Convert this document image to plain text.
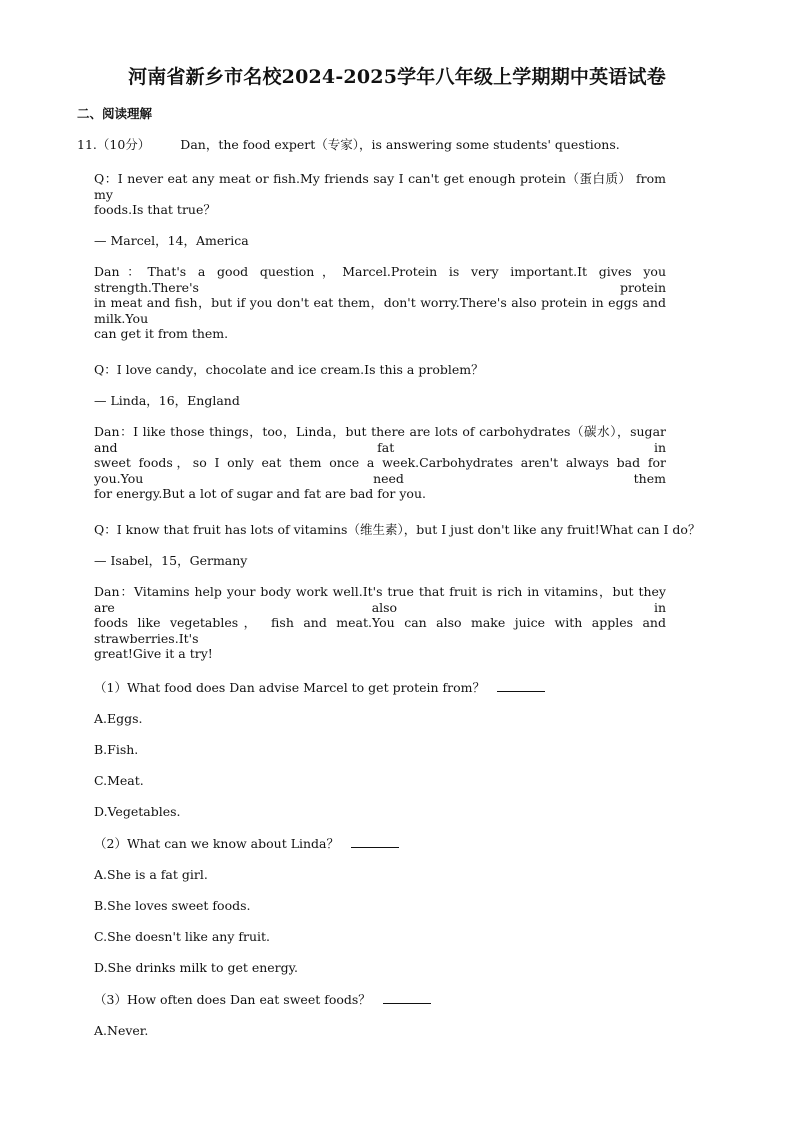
河南省新乡市名校2024-2025学年八年级上学期期中英语试卷
二、阅读理解
11.（10分） Dan，the food expert（专家），is answering some students' questions.
Q：I never eat any meat or fish.My friends say I can't get enough protein（蛋白质） from my
foods.Is that true？
— Marcel，14，America
Dan：That's a good question，Marcel.Protein is very important.It gives you strength.There's protein
in meat and fish，but if you don't eat them，don't worry.There's also protein in eggs and milk.You
can get it from them.
Q：I love candy，chocolate and ice cream.Is this a problem？
— Linda，16，England
Dan：I like those things，too，Linda，but there are lots of carbohydrates（碳水），sugar and fat in
sweet foods，so I only eat them once a week.Carbohydrates aren't always bad for you.You need them
for energy.But a lot of sugar and fat are bad for you.
Q：I know that fruit has lots of vitamins（维生素），but I just don't like any fruit!What can I do？
— Isabel，15，Germany
Dan：Vitamins help your body work well.It's true that fruit is rich in vitamins，but they are also in
foods like vegetables， fish and meat.You can also make juice with apples and strawberries.It's
great!Give it a try!
（1）What food does Dan advise Marcel to get protein from？
A.Eggs.
B.Fish.
C.Meat.
D.Vegetables.
（2）What can we know about Linda？
A.She is a fat girl.
B.She loves sweet foods.
C.She doesn't like any fruit.
D.She drinks milk to get energy.
（3）How often does Dan eat sweet foods？
A.Never.
